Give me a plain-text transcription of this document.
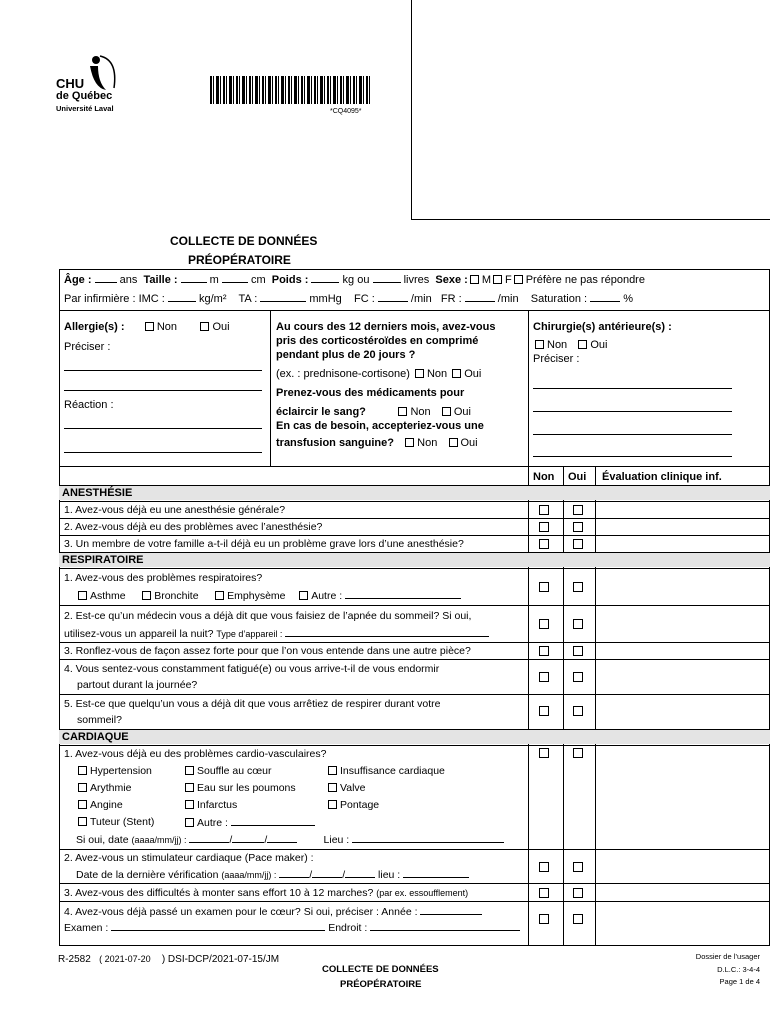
CHU
de Québec
Université Laval	*CQ4095*
COLLECTE DE DONNÉES
PRÉOPÉRATOIRE
Âge :	ans Taille :	m	cm Poids :	kg ou	livres Sexe : M F Préfère ne pas répondre
Par infirmière : IMC :	kg/m² TA :	mmHg FC :	/min FR :	/min Saturation :	%
Allergie(s) :	Non	Oui
Préciser :
Réaction :
Au cours des 12 derniers mois, avez-vous
pris des corticostéroïdes en comprimé
pendant plus de 20 jours ?
(ex. : prednisone-cortisone) Non Oui
Prenez-vous des médicaments pour
éclaircir le sang?	Non Oui
En cas de besoin, accepteriez-vous une
transfusion sanguine? Non Oui
Chirurgie(s) antérieure(s) :
Non Oui
Préciser :
Non Oui Évaluation clinique inf.
ANESTHÉSIE
1. Avez-vous déjà eu une anesthésie générale?
2. Avez-vous déjà eu des problèmes avec l’anesthésie?
3. Un membre de votre famille a-t-il déjà eu un problème grave lors d’une anesthésie?
RESPIRATOIRE
1. Avez-vous des problèmes respiratoires?
Asthme	Bronchite	Emphysème Autre :
2. Est-ce qu’un médecin vous a déjà dit que vous faisiez de l’apnée du sommeil? Si oui,
utilisez-vous un appareil la nuit? Type d’appareil :
3. Ronflez-vous de façon assez forte pour que l’on vous entende dans une autre pièce?
4. Vous sentez-vous constamment fatigué(e) ou vous arrive-t-il de vous endormir
partout durant la journée?
5. Est-ce que quelqu’un vous a déjà dit que vous arrêtiez de respirer durant votre
sommeil?
CARDIAQUE
1. Avez-vous déjà eu des problèmes cardio-vasculaires?
Hypertension	Souffle au cœur	Insuffisance cardiaque
Arythmie	Eau sur les poumons	Valve
Angine	Infarctus	Pontage
Tuteur (Stent)	Autre :
Si oui, date (aaaa/mm/jj) :	/	/	Lieu :
2. Avez-vous un stimulateur cardiaque (Pace maker) :
Date de la dernière vérification (aaaa/mm/jj) :	/	/	lieu :
3. Avez-vous des difficultés à monter sans effort 10 à 12 marches? (par ex. essoufflement)
4. Avez-vous déjà passé un examen pour le cœur? Si oui, préciser : Année :
Examen :	Endroit :
R-2582 ( 2021-07-20 ) DSI-DCP/2021-07-15/JM
COLLECTE DE DONNÉES
PRÉOPÉRATOIRE
Dossier de l’usager
D.L.C.: 3-4-4
Page 1 de 4
